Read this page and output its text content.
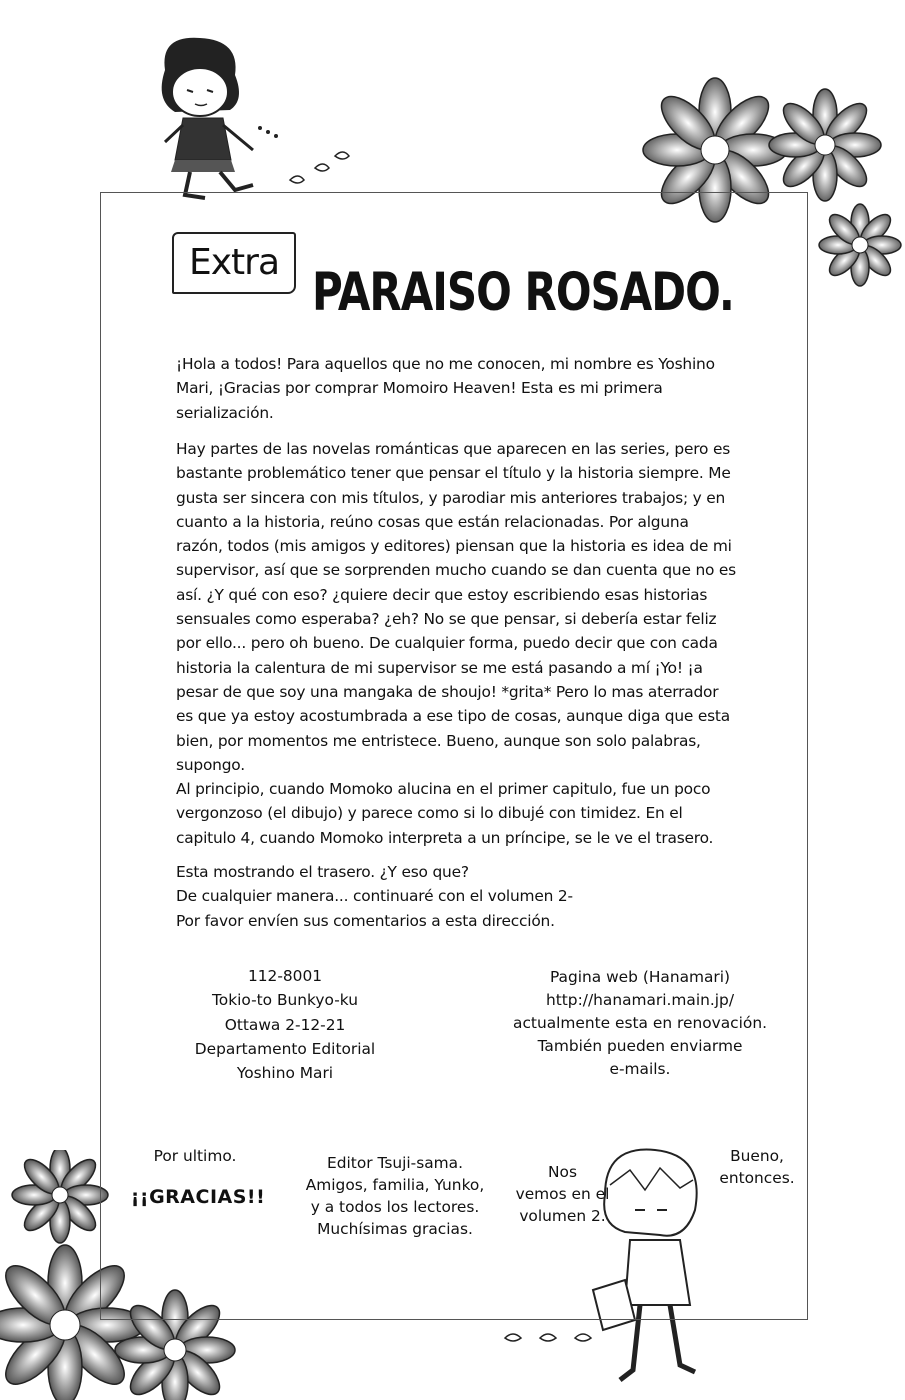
Extra PARAISO ROSADO.

¡Hola a todos! Para aquellos que no me conocen, mi nombre es Yoshino Mari, ¡Gracias por comprar Momoiro Heaven! Esta es mi primera serialización.

Hay partes de las novelas románticas que aparecen en las series, pero es bastante problemático tener que pensar el título y la historia siempre. Me gusta ser sincera con mis títulos, y parodiar mis anteriores trabajos; y en cuanto a la historia, reúno cosas que están relacionadas. Por alguna razón, todos (mis amigos y editores) piensan que la historia es idea de mi supervisor, así que se sorprenden mucho cuando se dan cuenta que no es así. ¿Y qué con eso? ¿quiere decir que estoy escribiendo esas historias sensuales como esperaba? ¿eh? No se que pensar, si debería estar feliz por ello... pero oh bueno. De cualquier forma, puedo decir que con cada historia la calentura de mi supervisor se me está pasando a mí ¡Yo! ¡a pesar de que soy una mangaka de shoujo! *grita* Pero lo mas aterrador es que ya estoy acostumbrada a ese tipo de cosas, aunque diga que esta bien, por momentos me entristece. Bueno, aunque son solo palabras, supongo.

Al principio, cuando Momoko alucina en el primer capitulo, fue un poco vergonzoso (el dibujo) y parece como si lo dibujé con timidez. En el capitulo 4, cuando Momoko interpreta a un príncipe, se le ve el trasero.

Esta mostrando el trasero. ¿Y eso que?

De cualquier manera... continuaré con el volumen 2-

Por favor envíen sus comentarios a esta dirección.

112-8001
Tokio-to Bunkyo-ku
Ottawa 2-12-21
Departamento Editorial
Yoshino Mari
Pagina web (Hanamari)
http://hanamari.main.jp/
actualmente esta en renovación.
También pueden enviarme
e-mails.
Por ultimo.
¡¡GRACIAS!!
Editor Tsuji-sama.
Amigos, familia, Yunko,
y a todos los lectores.
Muchísimas gracias.
Nos
vemos en el
volumen 2.
Bueno,
entonces.
